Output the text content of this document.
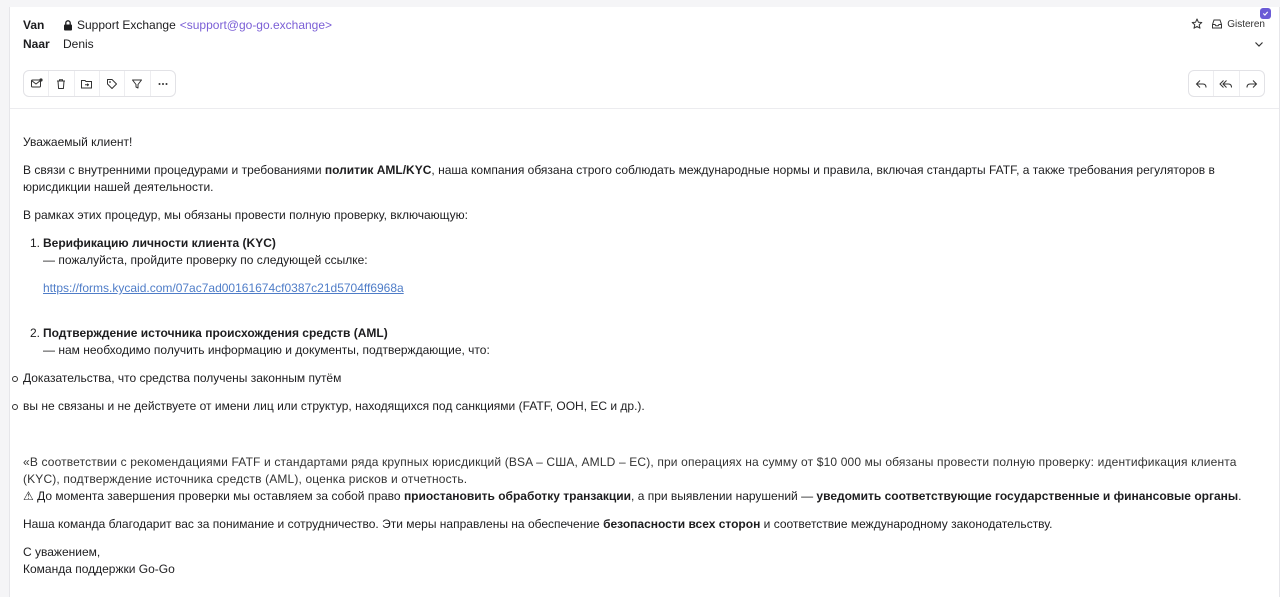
Van	Support Exchange <support@go-go.exchange>
Naar	Denis
Gisteren

Уважаемый клиент!

В связи с внутренними процедурами и требованиями политик AML/KYC, наша компания обязана строго соблюдать международные нормы и правила, включая стандарты FATF, а также требования регуляторов в юрисдикции нашей деятельности.

В рамках этих процедур, мы обязаны провести полную проверку, включающую:

1. Верификацию личности клиента (KYC)
— пожалуйста, пройдите проверку по следующей ссылке:

https://forms.kycaid.com/07ac7ad00161674cf0387c21d5704ff6968a

2. Подтверждение источника происхождения средств (AML)
— нам необходимо получить информацию и документы, подтверждающие, что:

Доказательства, что средства получены законным путём

вы не связаны и не действуете от имени лиц или структур, находящихся под санкциями (FATF, ООН, ЕС и др.).

«В соответствии с рекомендациями FATF и стандартами ряда крупных юрисдикций (BSA – США, AMLD – ЕС), при операциях на сумму от $10 000 мы обязаны провести полную проверку: идентификация клиента (KYC), подтверждение источника средств (AML), оценка рисков и отчетность.

⚠ До момента завершения проверки мы оставляем за собой право приостановить обработку транзакции, а при выявлении нарушений — уведомить соответствующие государственные и финансовые органы.

Наша команда благодарит вас за понимание и сотрудничество. Эти меры направлены на обеспечение безопасности всех сторон и соответствие международному законодательству.

С уважением,

Команда поддержки Go-Go
